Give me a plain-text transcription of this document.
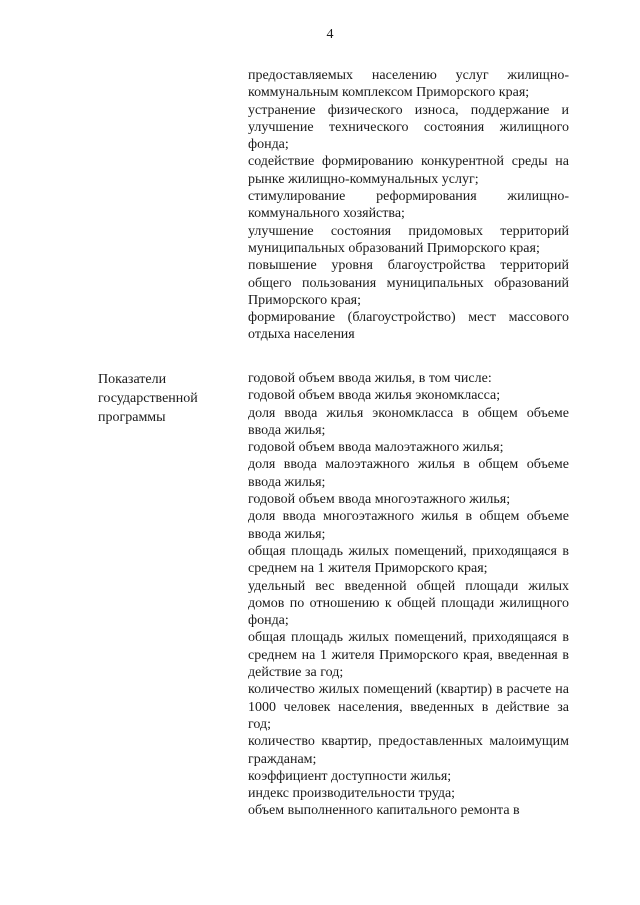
4

предоставляемых населению услуг жилищно-коммунальным комплексом Приморского края;

устранение физического износа, поддержание и улучшение технического состояния жилищного фонда;

содействие формированию конкурентной среды на рынке жилищно-коммунальных услуг;

стимулирование реформирования жилищно-коммунального хозяйства;

улучшение состояния придомовых территорий муниципальных образований Приморского края;

повышение уровня благоустройства территорий общего пользования муниципальных образований Приморского края;

формирование (благоустройство) мест массового отдыха населения

Показатели государственной программы

годовой объем ввода жилья, в том числе:

годовой объем ввода жилья экономкласса;

доля ввода жилья экономкласса в общем объеме ввода жилья;

годовой объем ввода малоэтажного жилья;

доля ввода малоэтажного жилья в общем объеме ввода жилья;

годовой объем ввода многоэтажного жилья;

доля ввода многоэтажного жилья в общем объеме ввода жилья;

общая площадь жилых помещений, приходящаяся в среднем на 1 жителя Приморского края;

удельный вес введенной общей площади жилых домов по отношению к общей площади жилищного фонда;

общая площадь жилых помещений, приходящаяся в среднем на 1 жителя Приморского края, введенная в действие за год;

количество жилых помещений (квартир) в расчете на 1000 человек населения, введенных в действие за год;

количество квартир, предоставленных малоимущим гражданам;

коэффициент доступности жилья;

индекс производительности труда;

объем выполненного капитального ремонта в
